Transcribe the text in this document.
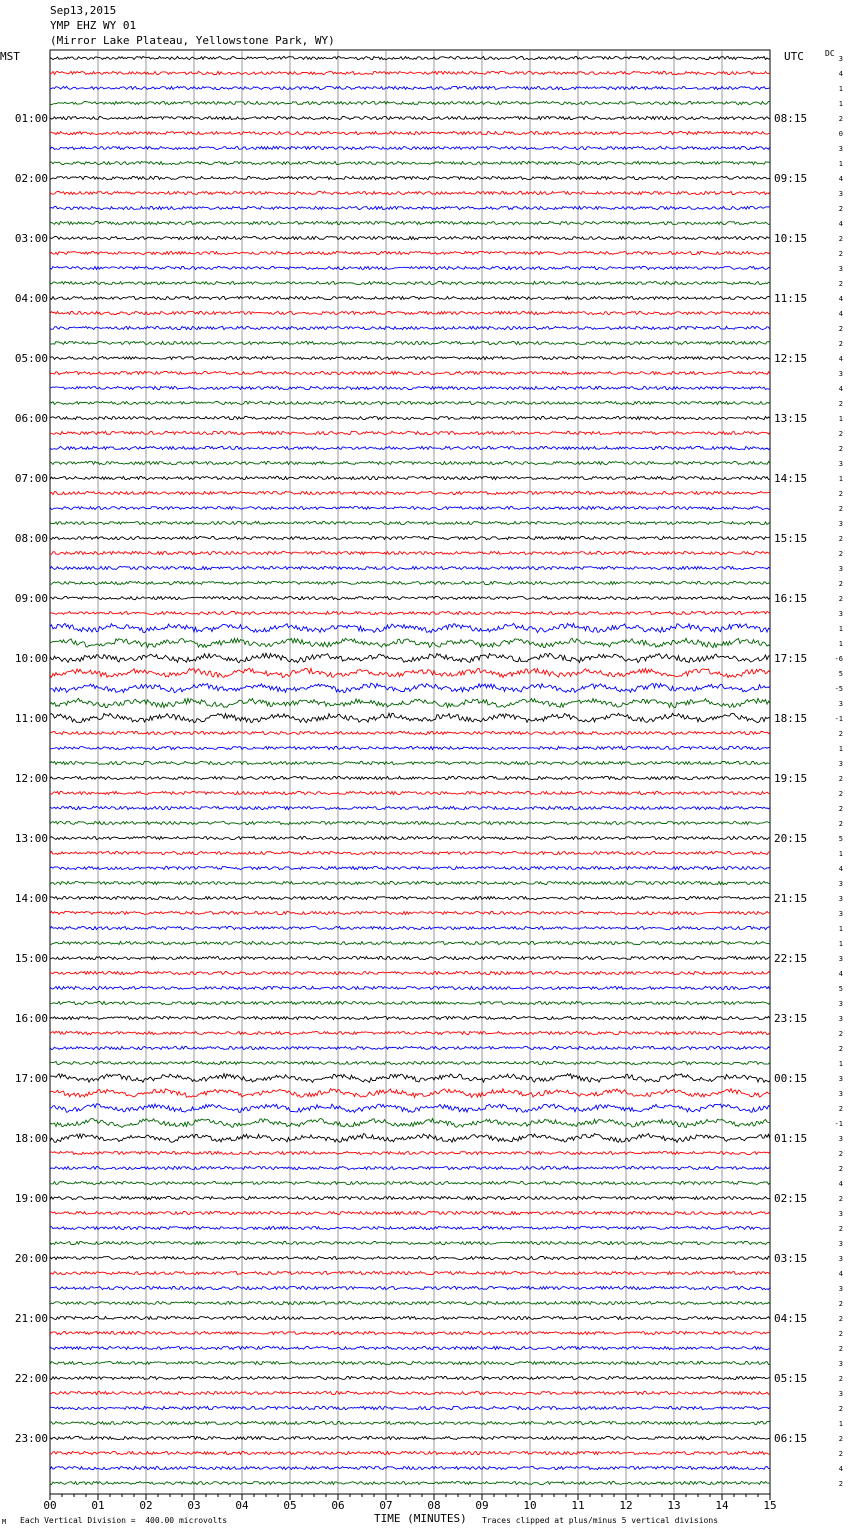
Sep13,2015
YMP EHZ WY 01
(Mirror Lake Plateau, Yellowstone Park, WY)
MST	UTC	DC
3
4
1
1
2
0
3
1
4
3
2
4
2
2
3
2
4
4
2
2
4
3
4
2
1
2
2
3
1
2
2
3
2
2
3
2
2
3
1
1
-6
5
-5
3
-1
2
1
3
2
2
2
2
5
1
4
3
3
3
1
1
3
4
5
3
3
2
2
1
3
3
2
-1
3
2
2
4
2
3
2
3
3
4
3
2
2
2
2
3
2
3
2
1
2
2
4
2
01:00	08:15
02:00	09:15
03:00	10:15
04:00	11:15
05:00	12:15
06:00	13:15
07:00	14:15
08:00	15:15
09:00	16:15
10:00	17:15
11:00	18:15
12:00	19:15
13:00	20:15
14:00	21:15
15:00	22:15
16:00	23:15
17:00	00:15
18:00	01:15
19:00	02:15
20:00	03:15
21:00	04:15
22:00	05:15
23:00	06:15
00	01	02	03	04	05	06	07	08	09	10	11	12	13	14	15
M Each Vertical Division =  400.00 microvolts	TIME (MINUTES) Traces clipped at plus/minus 5 vertical divisions
